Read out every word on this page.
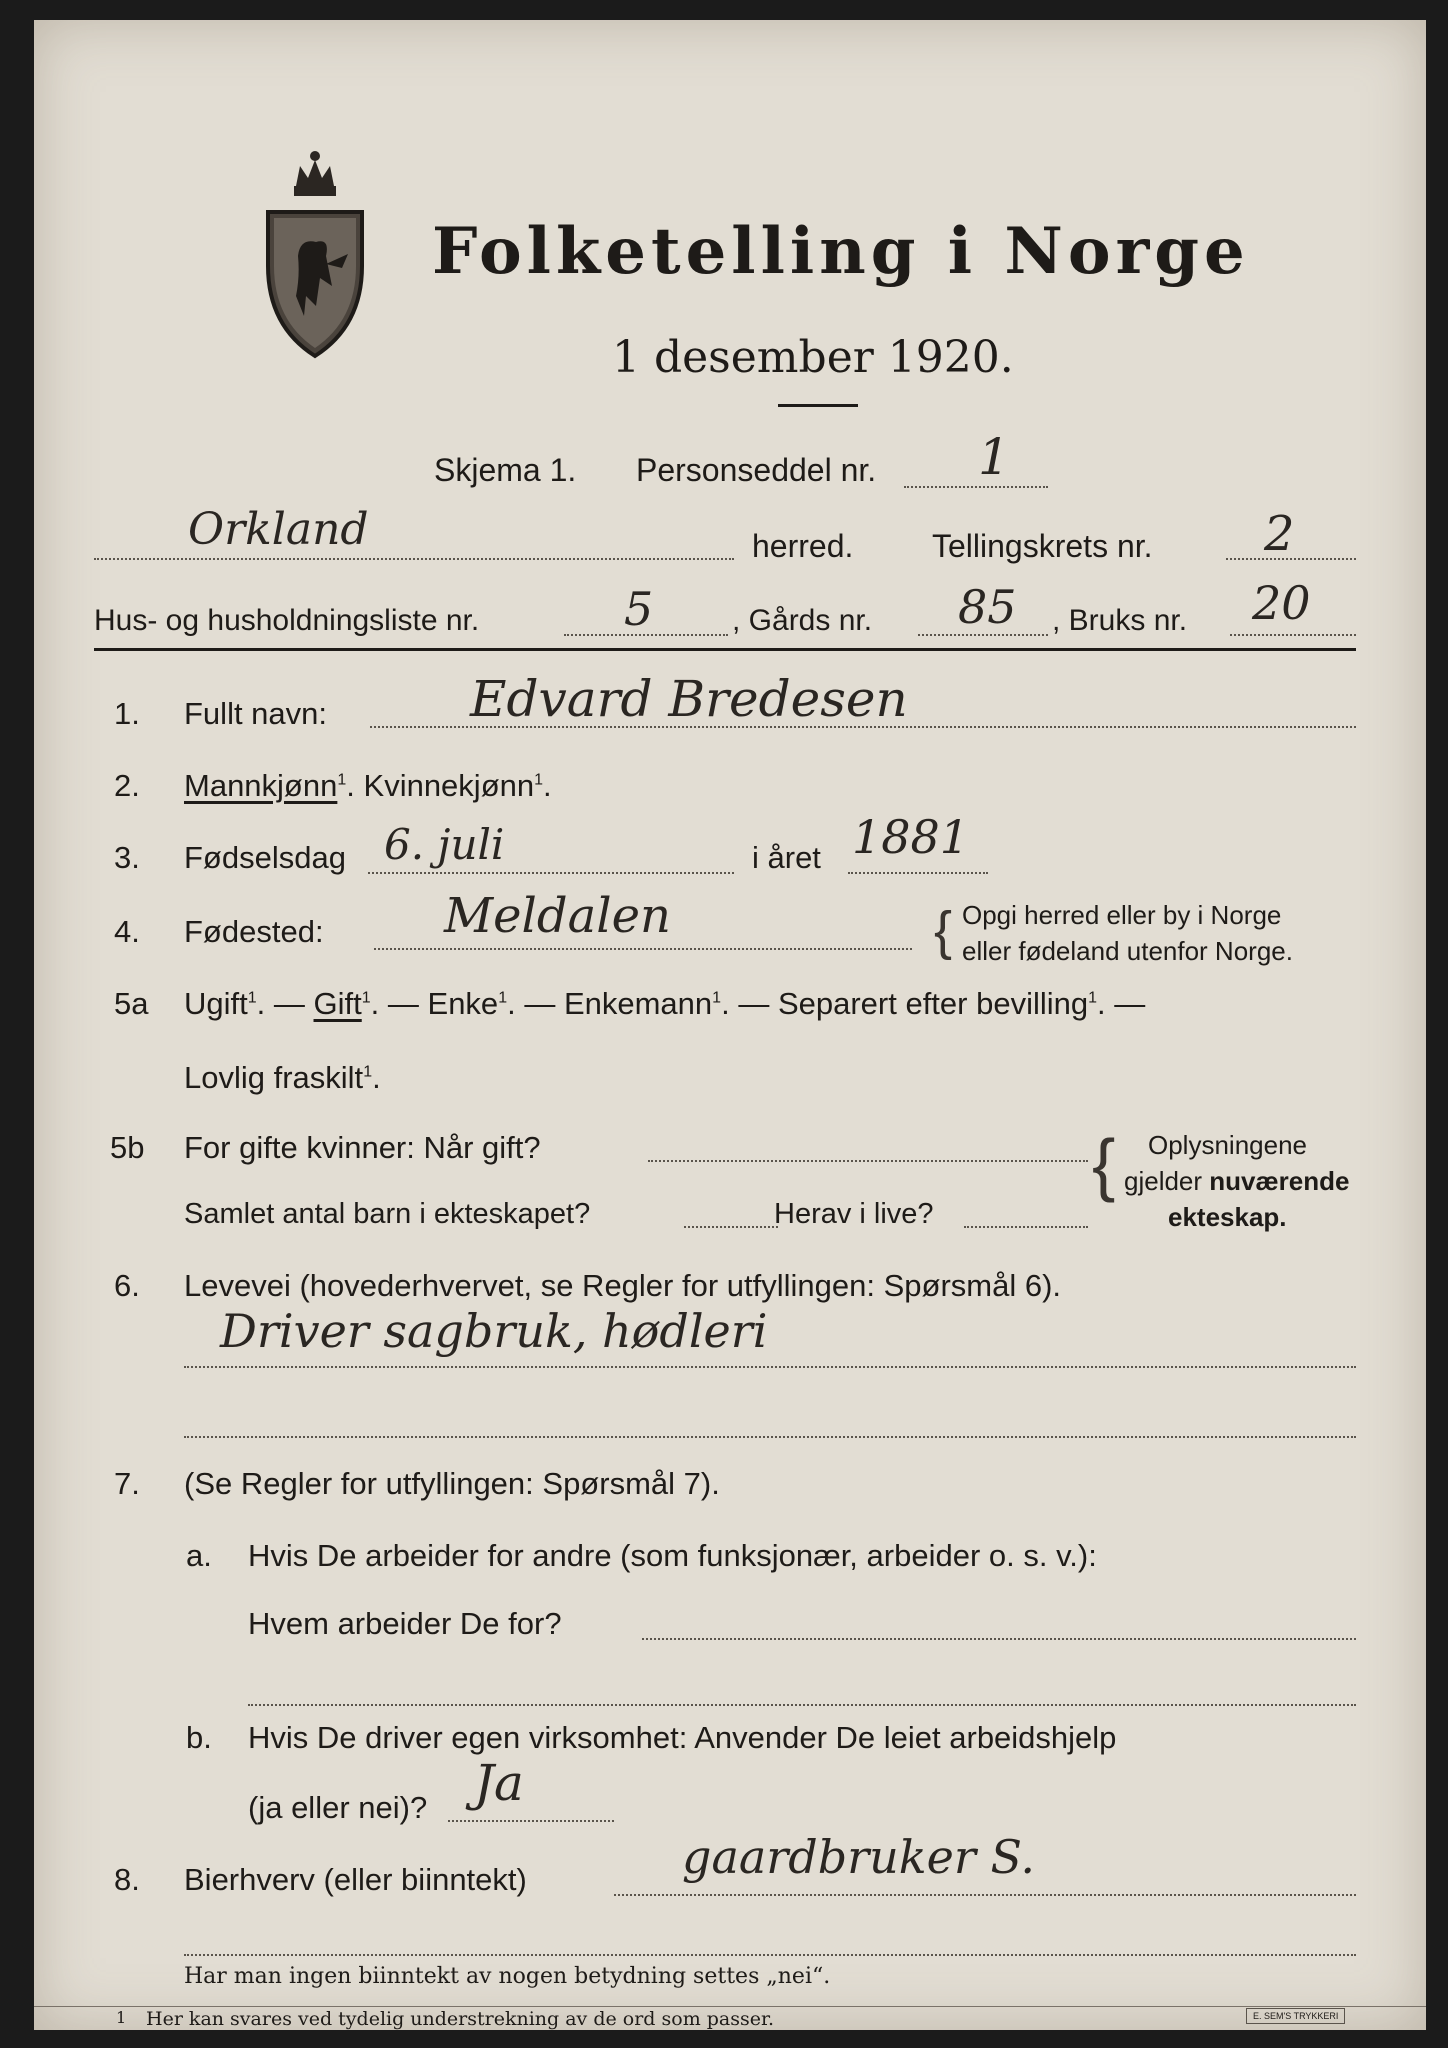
Folketelling i Norge
1 desember 1920.
Skjema 1. Personseddel nr. 1
Orkland	herred. Tellingskrets nr. 2
Hus- og husholdningsliste nr.	5	, Gårds nr. 85 , Bruks nr. 20
1. Fullt navn:	Edvard Bredesen
2. Mannkjønn$^1$. Kvinnekjønn$^1$.
3. Fødselsdag 6. juli	i året 1881
4. Fødested:	Meldalen	{ Opgi herred eller by i Norge
eller fødeland utenfor Norge.
5a Ugift$^1$. — Gift$^1$. — Enke$^1$. — Enkemann$^1$. — Separert efter bevilling$^1$. —
Lovlig fraskilt$^1$.
5b For gifte kvinner: Når gift?
Samlet antal barn i ekteskapet?	Herav i live?
{ Oplysningene
gjelder nuværende
ekteskap.
6. Levevei (hovederhvervet, se Regler for utfyllingen: Spørsmål 6).
Driver sagbruk, hødleri
7. (Se Regler for utfyllingen: Spørsmål 7).
a. Hvis De arbeider for andre (som funksjonær, arbeider o. s. v.):
Hvem arbeider De for?
b. Hvis De driver egen virksomhet: Anvender De leiet arbeidshjelp
(ja eller nei)? Ja
8. Bierhverv (eller biinntekt)	gaardbruker S.
Har man ingen biinntekt av nogen betydning settes „nei“.
1 Her kan svares ved tydelig understrekning av de ord som passer.	E. SEM'S TRYKKERI
